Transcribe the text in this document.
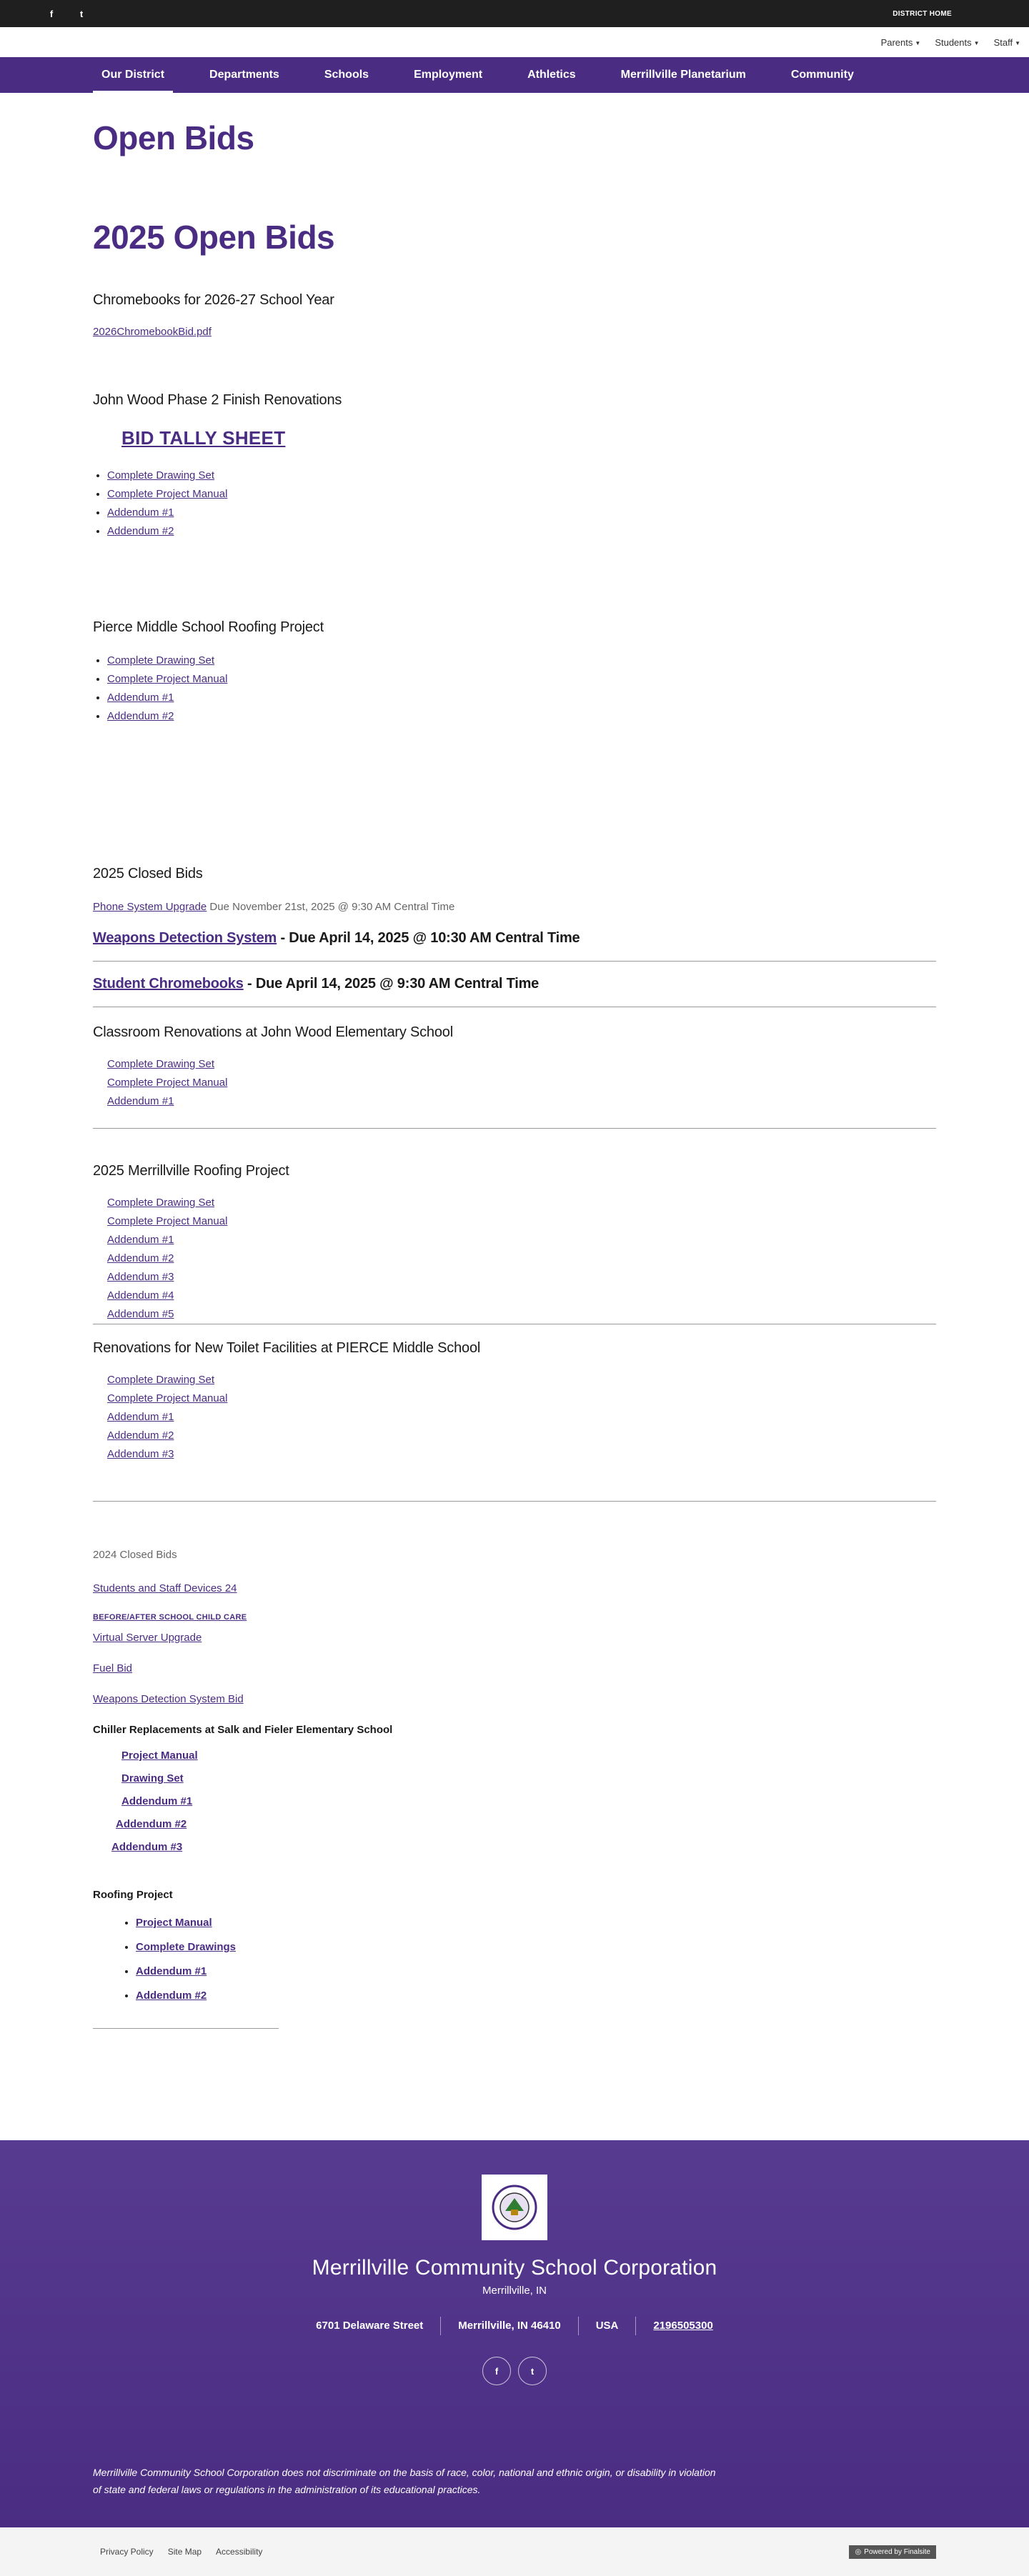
f	t	DISTRICT HOME
Parents ▼ Students ▼ Staff ▼
Our District	Departments	Schools	Employment	Athletics	Merrillville Planetarium	Community
Open Bids
2025 Open Bids
Chromebooks for 2026-27 School Year
2026ChromebookBid.pdf
John Wood Phase 2 Finish Renovations
BID TALLY SHEET
• Complete Drawing Set
• Complete Project Manual
• Addendum #1
• Addendum #2
Pierce Middle School Roofing Project
• Complete Drawing Set
• Complete Project Manual
• Addendum #1
• Addendum #2
2025 Closed Bids

Phone System Upgrade Due November 21st, 2025 @ 9:30 AM Central Time

Weapons Detection System - Due April 14, 2025 @ 10:30 AM Central Time

Student Chromebooks - Due April 14, 2025 @ 9:30 AM Central Time

Classroom Renovations at John Wood Elementary School
Complete Drawing Set
Complete Project Manual
Addendum #1
2025 Merrillville Roofing Project
Complete Drawing Set
Complete Project Manual
Addendum #1
Addendum #2
Addendum #3
Addendum #4
Addendum #5
Renovations for New Toilet Facilities at PIERCE Middle School
Complete Drawing Set
Complete Project Manual
Addendum #1
Addendum #2
Addendum #3

2024 Closed Bids

Students and Staff Devices 24
BEFORE/AFTER SCHOOL CHILD CARE
Virtual Server Upgrade
Fuel Bid
Weapons Detection System Bid

Chiller Replacements at Salk and Fieler Elementary School

Project Manual
Drawing Set
Addendum #1
Addendum #2
Addendum #3

Roofing Project

• Project Manual
• Complete Drawings
• Addendum #1
• Addendum #2
Merrillville Community School Corporation
Merrillville, IN
6701 Delaware Street	Merrillville, IN 46410	USA	2196505300
f	t

Merrillville Community School Corporation does not discriminate on the basis of race, color, national and ethnic origin, or disability in violation of state and federal laws or regulations in the administration of its educational practices.

Privacy Policy Site Map Accessibility	◎ Powered by Finalsite
